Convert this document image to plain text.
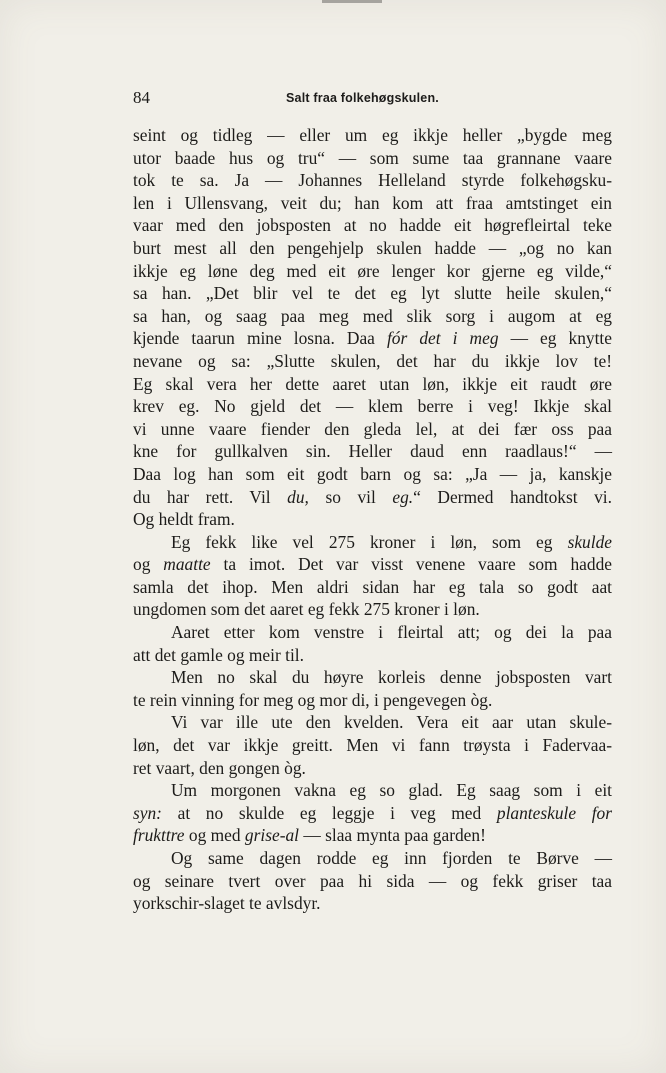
84	Salt fraa folkehøgskulen.
seint og tidleg — eller um eg ikkje heller „bygde meg
utor baade hus og tru“ — som sume taa grannane vaare
tok te sa. Ja — Johannes Helleland styrde folkehøgsku-
len i Ullensvang, veit du; han kom att fraa amtstinget ein
vaar med den jobsposten at no hadde eit høgrefleirtal teke
burt mest all den pengehjelp skulen hadde — „og no kan
ikkje eg løne deg med eit øre lenger kor gjerne eg vilde,“
sa han. „Det blir vel te det eg lyt slutte heile skulen,“
sa han, og saag paa meg med slik sorg i augom at eg
kjende taarun mine losna. Daa fór det i meg — eg knytte
nevane og sa: „Slutte skulen, det har du ikkje lov te!
Eg skal vera her dette aaret utan løn, ikkje eit raudt øre
krev eg. No gjeld det — klem berre i veg! Ikkje skal
vi unne vaare fiender den gleda lel, at dei fær oss paa
kne for gullkalven sin. Heller daud enn raadlaus!“ —
Daa log han som eit godt barn og sa: „Ja — ja, kanskje
du har rett. Vil du, so vil eg.“ Dermed handtokst vi.
Og heldt fram.
Eg fekk like vel 275 kroner i løn, som eg skulde
og maatte ta imot. Det var visst venene vaare som hadde
samla det ihop. Men aldri sidan har eg tala so godt aat
ungdomen som det aaret eg fekk 275 kroner i løn.
Aaret etter kom venstre i fleirtal att; og dei la paa
att det gamle og meir til.
Men no skal du høyre korleis denne jobsposten vart
te rein vinning for meg og mor di, i pengevegen òg.
Vi var ille ute den kvelden. Vera eit aar utan skule-
løn, det var ikkje greitt. Men vi fann trøysta i Fadervaa-
ret vaart, den gongen òg.
Um morgonen vakna eg so glad. Eg saag som i eit
syn: at no skulde eg leggje i veg med planteskule for
frukttre og med grise-al — slaa mynta paa garden!
Og same dagen rodde eg inn fjorden te Børve —
og seinare tvert over paa hi sida — og fekk griser taa
yorkschir-slaget te avlsdyr.
